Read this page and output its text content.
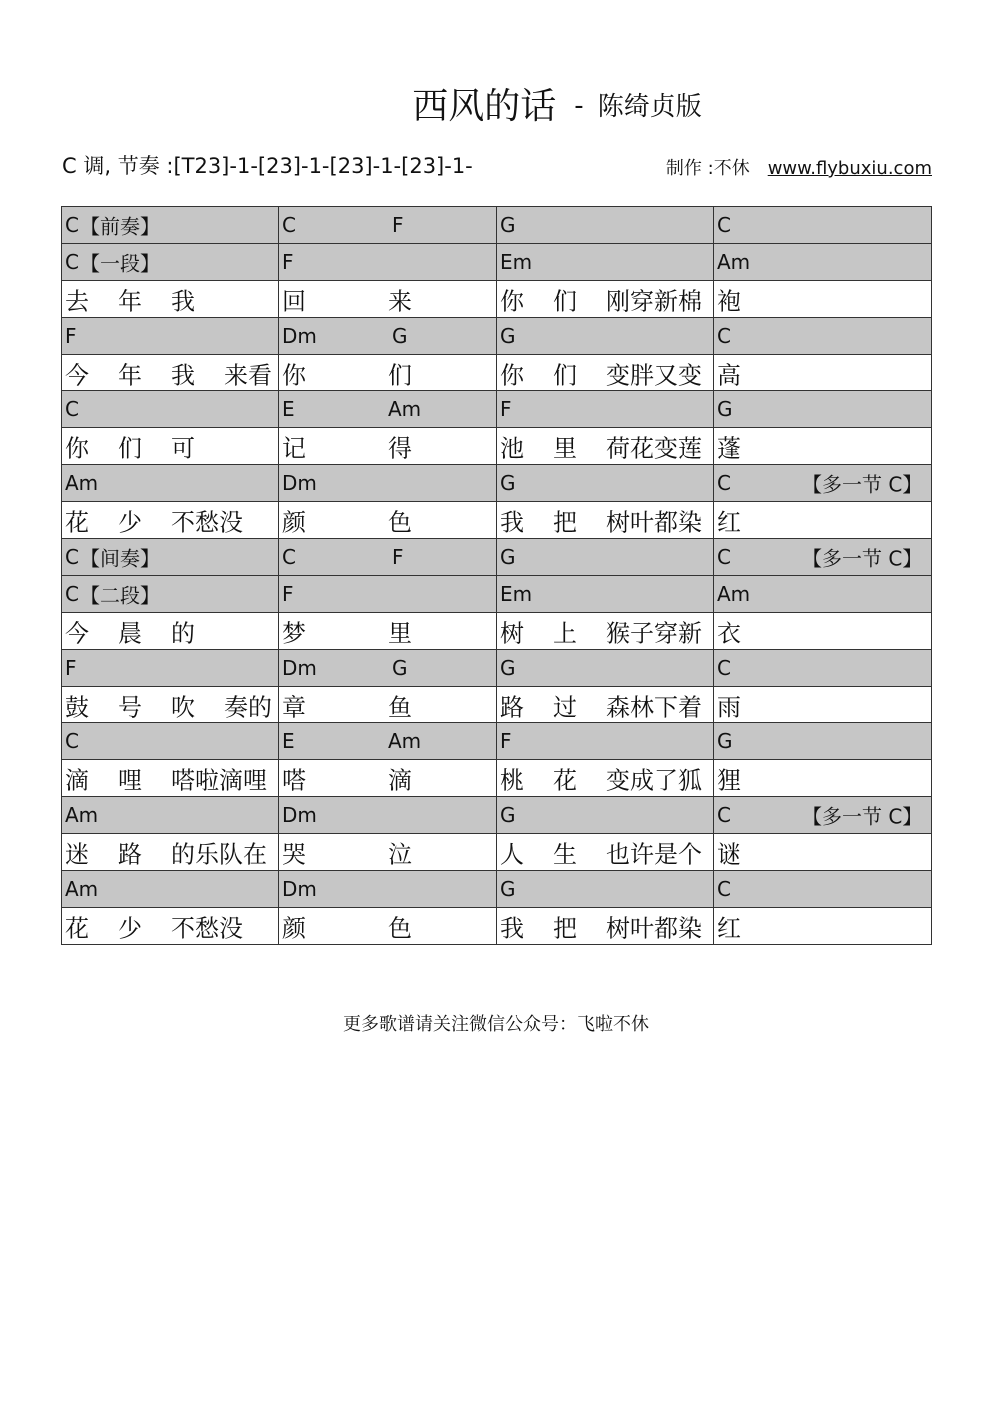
西风的话 - 陈绮贞版
C 调, 节奏 :[T23]-1-[23]-1-[23]-1-[23]-1-	制作 :不休 www.flybuxiu.com
C 【前奏】	C F	G	C

C 【一段】	F	Em	Am

去 年 我	回 来	你 们 刚穿新棉	袍

F	Dm G	G	C

今 年 我 来看	你 们	你 们 变胖又变	高

C	E Am	F	G

你 们 可	记 得	池 里 荷花变莲	蓬

Am	Dm	G	C 【多一节 C】

花 少 不愁没	颜 色	我 把 树叶都染	红

C 【间奏】	C F	G	C 【多一节 C】

C 【二段】	F	Em	Am

今 晨 的	梦 里	树 上 猴子穿新	衣

F	Dm G	G	C

鼓 号 吹 奏的	章 鱼	路 过 森林下着	雨

C	E Am	F	G

滴 哩 嗒啦滴哩	嗒 滴	桃 花 变成了狐	狸

Am	Dm	G	C 【多一节 C】

迷 路 的乐队在	哭 泣	人 生 也许是个	谜

Am	Dm	G	C

花 少 不愁没	颜 色	我 把 树叶都染	红
更多歌谱请关注微信公众号：飞啦不休
